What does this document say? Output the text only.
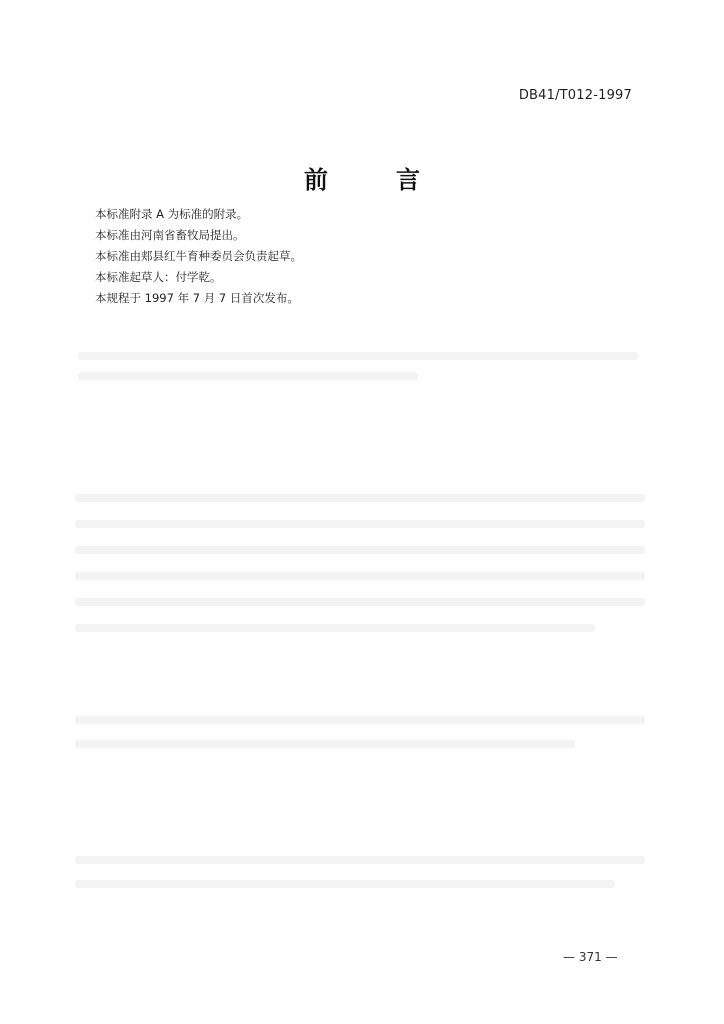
DB41/T012-1997
前	言
本标准附录 A 为标准的附录。
本标准由河南省畜牧局提出。
本标准由郏县红牛育种委员会负责起草。
本标准起草人：付学乾。
本规程于 1997 年 7 月 7 日首次发布。
— 371 —
